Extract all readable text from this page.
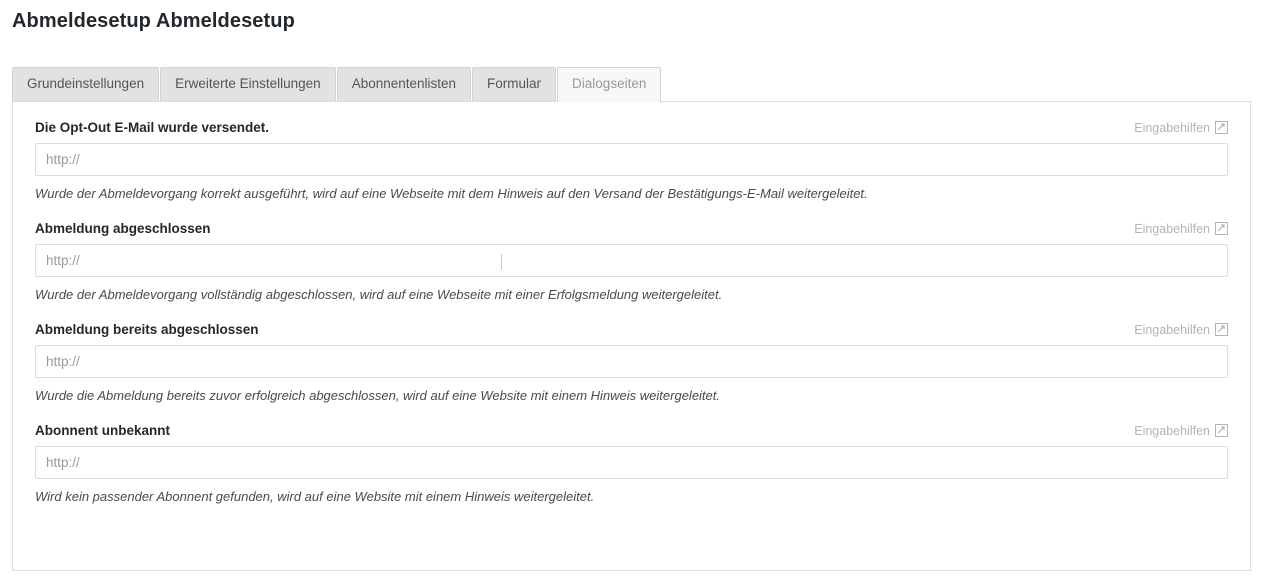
Abmeldesetup Abmeldesetup
Grundeinstellungen	Erweiterte Einstellungen	Abonnentenlisten	Formular	Dialogseiten
Die Opt-Out E-Mail wurde versendet.	Eingabehilfen
http://
Wurde der Abmeldevorgang korrekt ausgeführt, wird auf eine Webseite mit dem Hinweis auf den Versand der Bestätigungs-E-Mail weitergeleitet.
Abmeldung abgeschlossen	Eingabehilfen
http://
Wurde der Abmeldevorgang vollständig abgeschlossen, wird auf eine Webseite mit einer Erfolgsmeldung weitergeleitet.
Abmeldung bereits abgeschlossen	Eingabehilfen
http://
Wurde die Abmeldung bereits zuvor erfolgreich abgeschlossen, wird auf eine Website mit einem Hinweis weitergeleitet.
Abonnent unbekannt	Eingabehilfen
http://
Wird kein passender Abonnent gefunden, wird auf eine Website mit einem Hinweis weitergeleitet.
